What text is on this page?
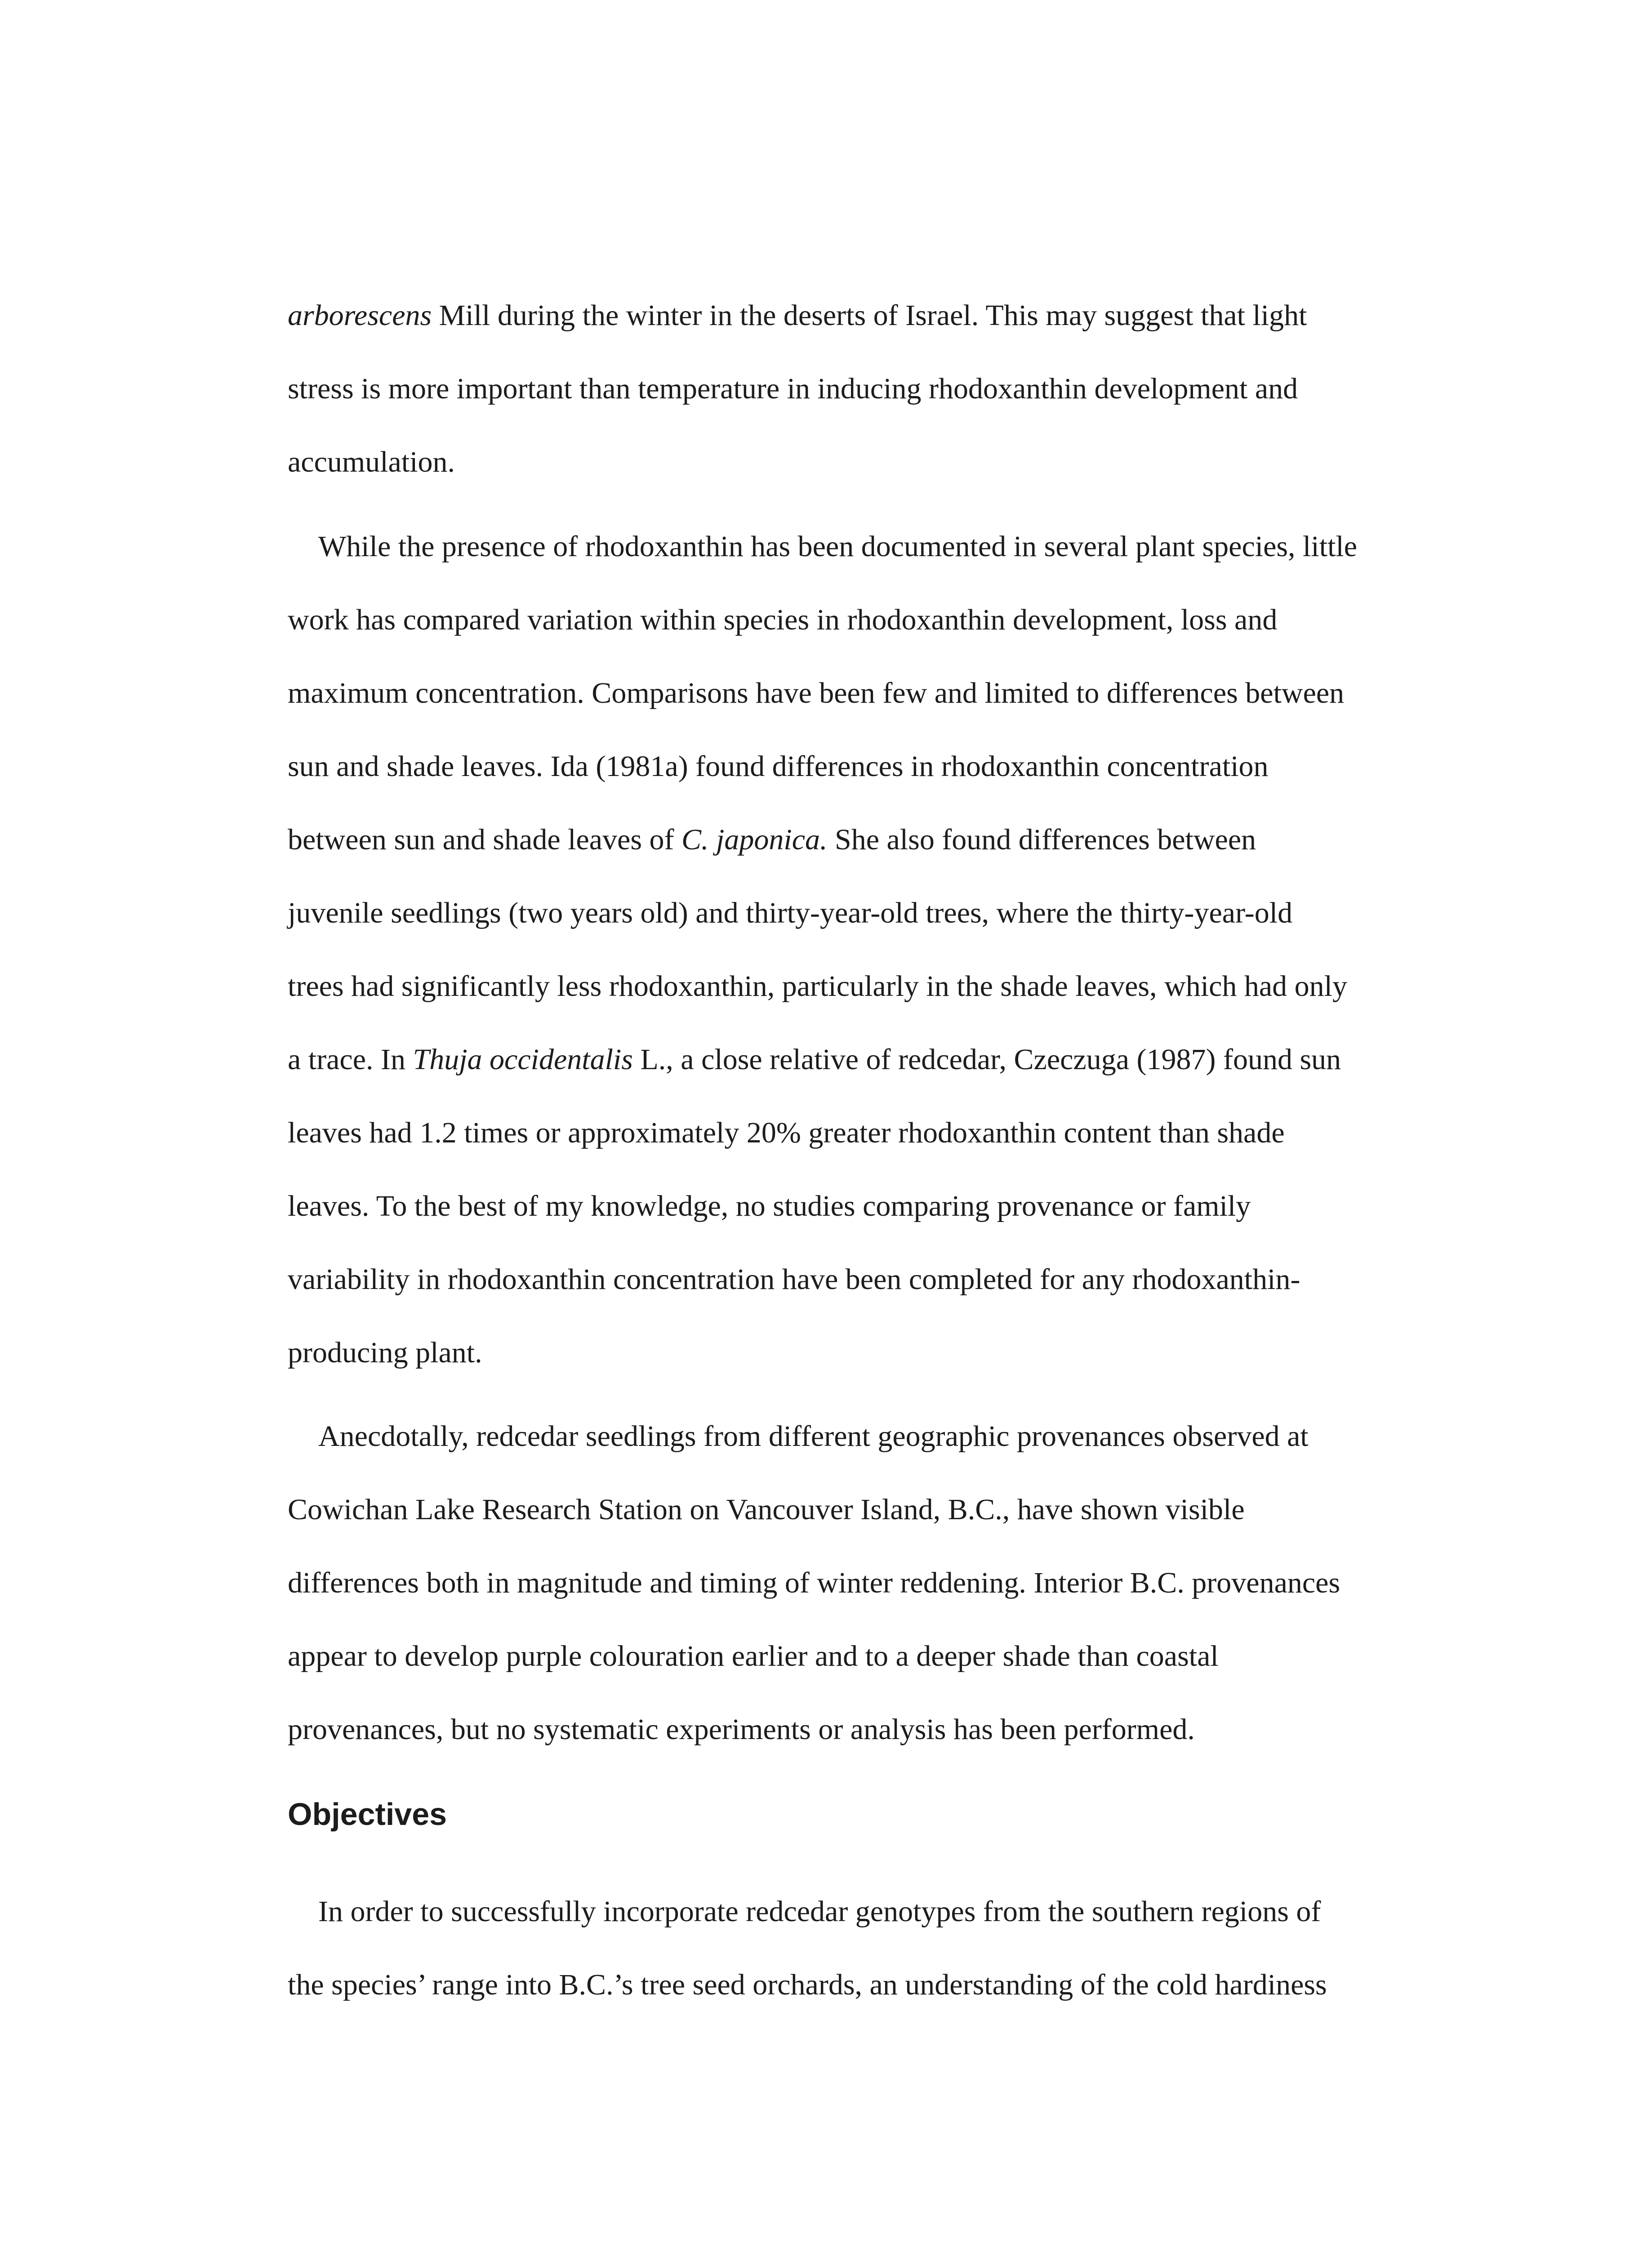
arborescens Mill during the winter in the deserts of Israel. This may suggest that light
stress is more important than temperature in inducing rhodoxanthin development and
accumulation.
While the presence of rhodoxanthin has been documented in several plant species, little
work has compared variation within species in rhodoxanthin development, loss and
maximum concentration. Comparisons have been few and limited to differences between
sun and shade leaves. Ida (1981a) found differences in rhodoxanthin concentration
between sun and shade leaves of C. japonica. She also found differences between
juvenile seedlings (two years old) and thirty-year-old trees, where the thirty-year-old
trees had significantly less rhodoxanthin, particularly in the shade leaves, which had only
a trace. In Thuja occidentalis L., a close relative of redcedar, Czeczuga (1987) found sun
leaves had 1.2 times or approximately 20% greater rhodoxanthin content than shade
leaves. To the best of my knowledge, no studies comparing provenance or family
variability in rhodoxanthin concentration have been completed for any rhodoxanthin-
producing plant.
Anecdotally, redcedar seedlings from different geographic provenances observed at
Cowichan Lake Research Station on Vancouver Island, B.C., have shown visible
differences both in magnitude and timing of winter reddening. Interior B.C. provenances
appear to develop purple colouration earlier and to a deeper shade than coastal
provenances, but no systematic experiments or analysis has been performed.
Objectives
In order to successfully incorporate redcedar genotypes from the southern regions of
the species’ range into B.C.’s tree seed orchards, an understanding of the cold hardiness
